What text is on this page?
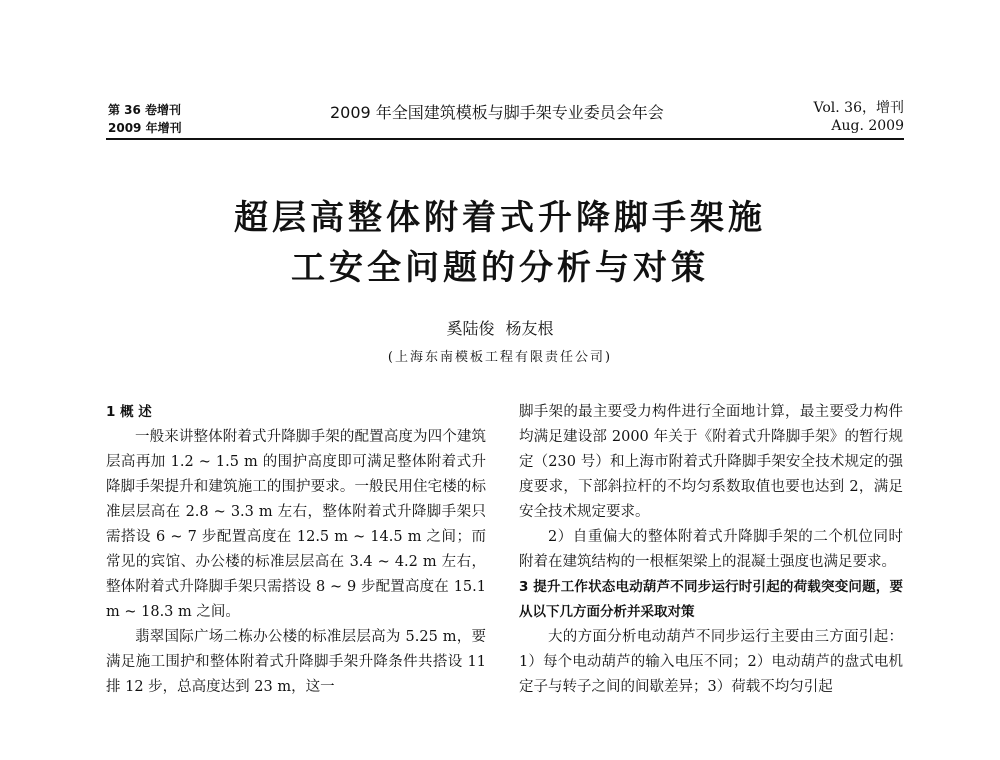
第 36 卷增刊
2009 年增刊
2009 年全国建筑模板与脚手架专业委员会年会	Vol. 36，增刊
Aug. 2009
超层高整体附着式升降脚手架施
工安全问题的分析与对策
奚陆俊 杨友根
(上海东南模板工程有限责任公司)

1 概 述

一般来讲整体附着式升降脚手架的配置高度为四个建筑层高再加 1.2 ~ 1.5 m 的围护高度即可满足整体附着式升降脚手架提升和建筑施工的围护要求。一般民用住宅楼的标准层层高在 2.8 ~ 3.3 m 左右，整体附着式升降脚手架只需搭设 6 ~ 7 步配置高度在 12.5 m ~ 14.5 m 之间；而常见的宾馆、办公楼的标准层层高在 3.4 ~ 4.2 m 左右，整体附着式升降脚手架只需搭设 8 ~ 9 步配置高度在 15.1 m ~ 18.3 m 之间。

翡翠国际广场二栋办公楼的标准层层高为 5.25 m，要满足施工围护和整体附着式升降脚手架升降条件共搭设 11 排 12 步，总高度达到 23 m，这一

脚手架的最主要受力构件进行全面地计算，最主要受力构件均满足建设部 2000 年关于《附着式升降脚手架》的暂行规定（230 号）和上海市附着式升降脚手架安全技术规定的强度要求，下部斜拉杆的不均匀系数取值也要也达到 2，满足安全技术规定要求。

2）自重偏大的整体附着式升降脚手架的二个机位同时附着在建筑结构的一根框架梁上的混凝土强度也满足要求。

3 提升工作状态电动葫芦不同步运行时引起的荷载突变问题，要从以下几方面分析并采取对策

大的方面分析电动葫芦不同步运行主要由三方面引起：1）每个电动葫芦的输入电压不同；2）电动葫芦的盘式电机定子与转子之间的间歇差异；3）荷载不均匀引起
